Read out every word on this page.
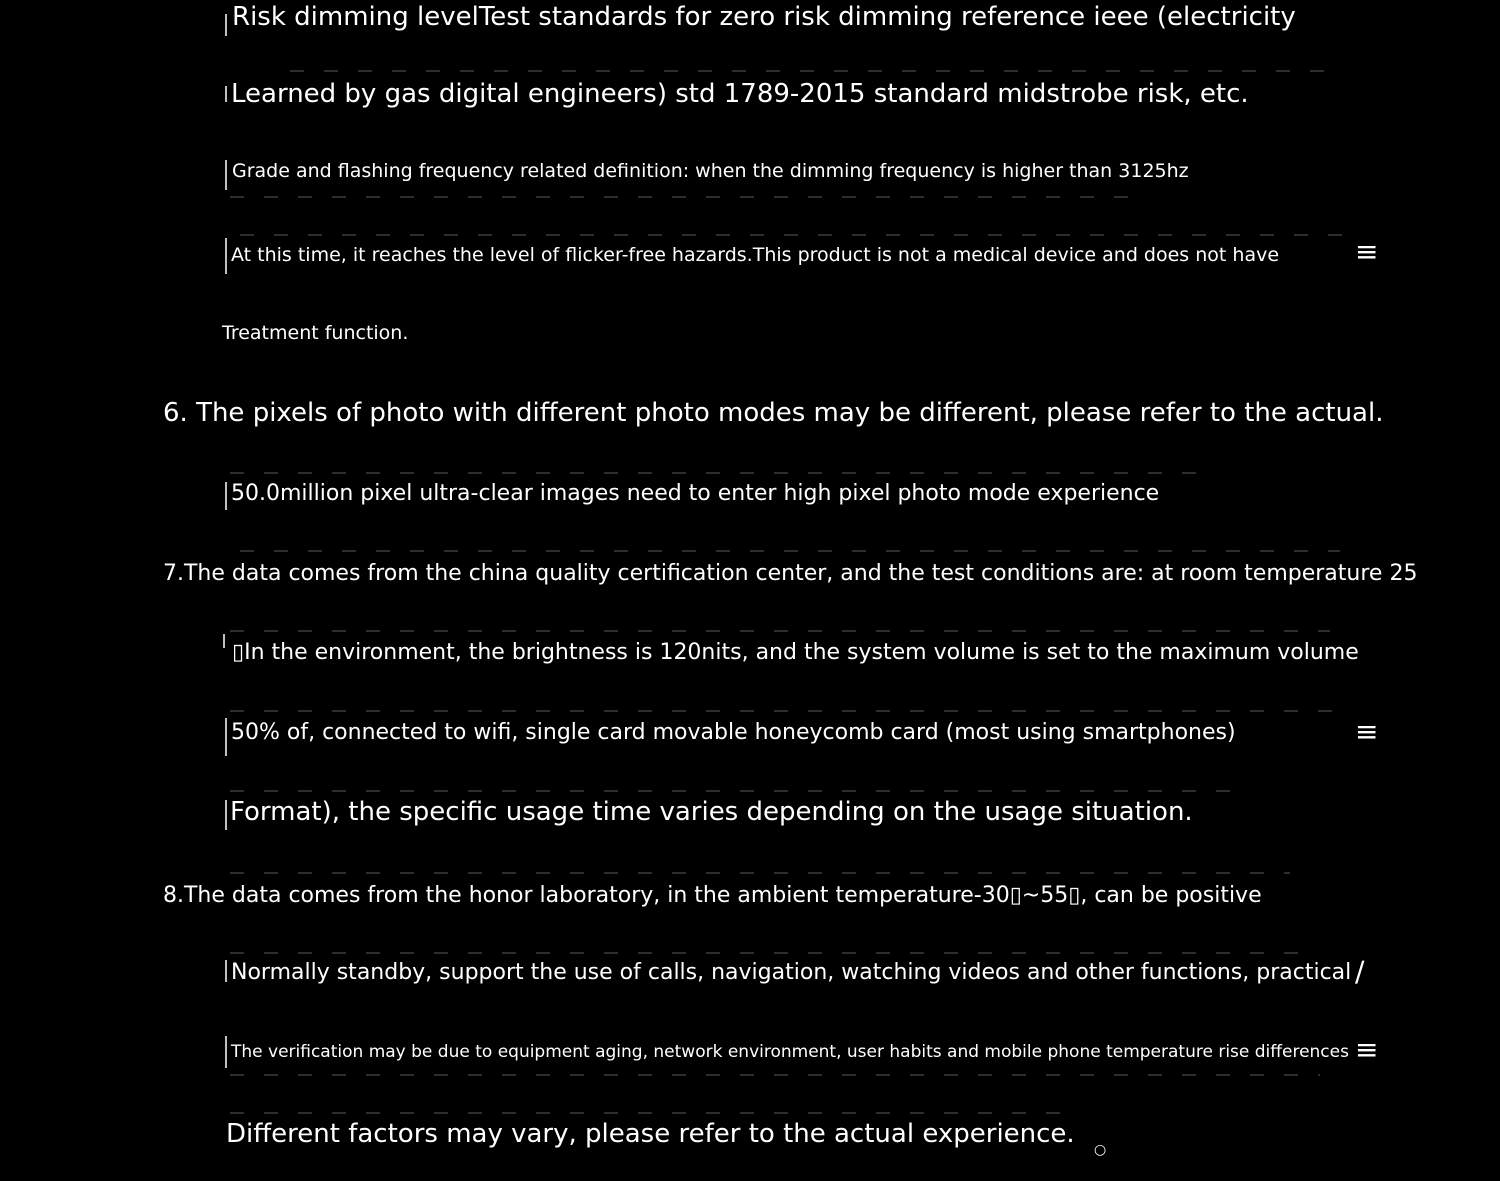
≡
≡
∕
≡
○
Risk dimming levelTest standards for zero risk dimming reference ieee (electricity
Learned by gas digital engineers) std 1789-2015 standard midstrobe risk, etc.
Grade and flashing frequency related definition: when the dimming frequency is higher than 3125hz
At this time, it reaches the level of flicker-free hazards.This product is not a medical device and does not have
Treatment function.
6. The pixels of photo with different photo modes may be different, please refer to the actual.
50.0million pixel ultra-clear images need to enter high pixel photo mode experience
7.The data comes from the china quality certification center, and the test conditions are: at room temperature 25
▯In the environment, the brightness is 120nits, and the system volume is set to the maximum volume
50% of, connected to wifi, single card movable honeycomb card (most using smartphones)
Format), the specific usage time varies depending on the usage situation.
8.The data comes from the honor laboratory, in the ambient temperature-30▯~55▯, can be positive
Normally standby, support the use of calls, navigation, watching videos and other functions, practical
The verification may be due to equipment aging, network environment, user habits and mobile phone temperature rise differences
Different factors may vary, please refer to the actual experience.
